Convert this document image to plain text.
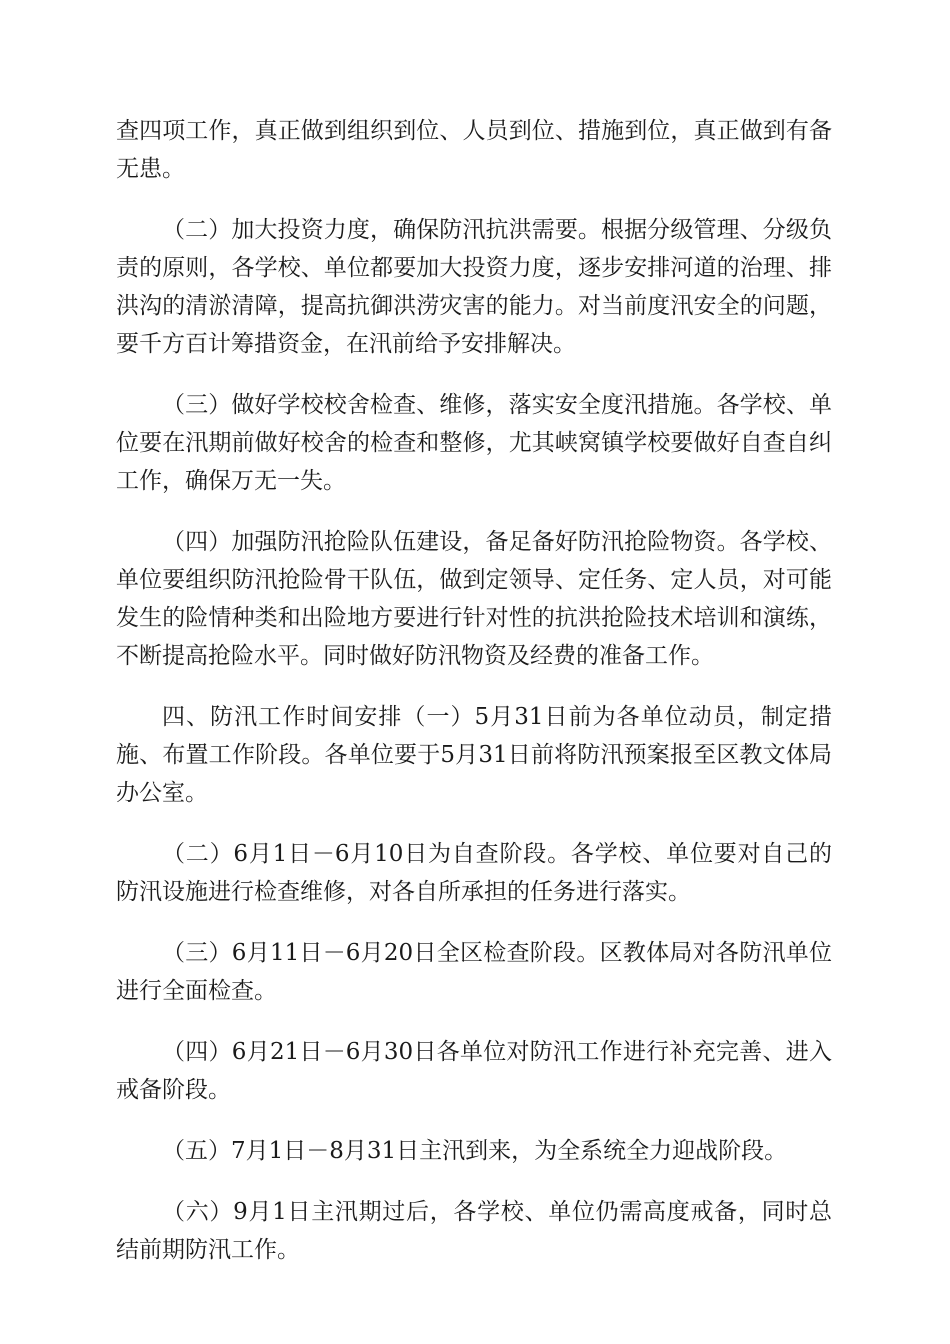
查四项工作，真正做到组织到位、人员到位、措施到位，真正做到有备无患。

（二）加大投资力度，确保防汛抗洪需要。根据分级管理、分级负责的原则，各学校、单位都要加大投资力度，逐步安排河道的治理、排洪沟的清淤清障，提高抗御洪涝灾害的能力。对当前度汛安全的问题，要千方百计筹措资金，在汛前给予安排解决。

（三）做好学校校舍检查、维修，落实安全度汛措施。各学校、单位要在汛期前做好校舍的检查和整修，尤其峡窝镇学校要做好自查自纠工作，确保万无一失。

（四）加强防汛抢险队伍建设，备足备好防汛抢险物资。各学校、单位要组织防汛抢险骨干队伍，做到定领导、定任务、定人员，对可能发生的险情种类和出险地方要进行针对性的抗洪抢险技术培训和演练，不断提高抢险水平。同时做好防汛物资及经费的准备工作。

四、防汛工作时间安排（一）5月31日前为各单位动员，制定措施、布置工作阶段。各单位要于5月31日前将防汛预案报至区教文体局办公室。

（二）6月1日－6月10日为自查阶段。各学校、单位要对自己的防汛设施进行检查维修，对各自所承担的任务进行落实。

（三）6月11日－6月20日全区检查阶段。区教体局对各防汛单位进行全面检查。

（四）6月21日－6月30日各单位对防汛工作进行补充完善、进入戒备阶段。

（五）7月1日－8月31日主汛到来，为全系统全力迎战阶段。

（六）9月1日主汛期过后，各学校、单位仍需高度戒备，同时总结前期防汛工作。
